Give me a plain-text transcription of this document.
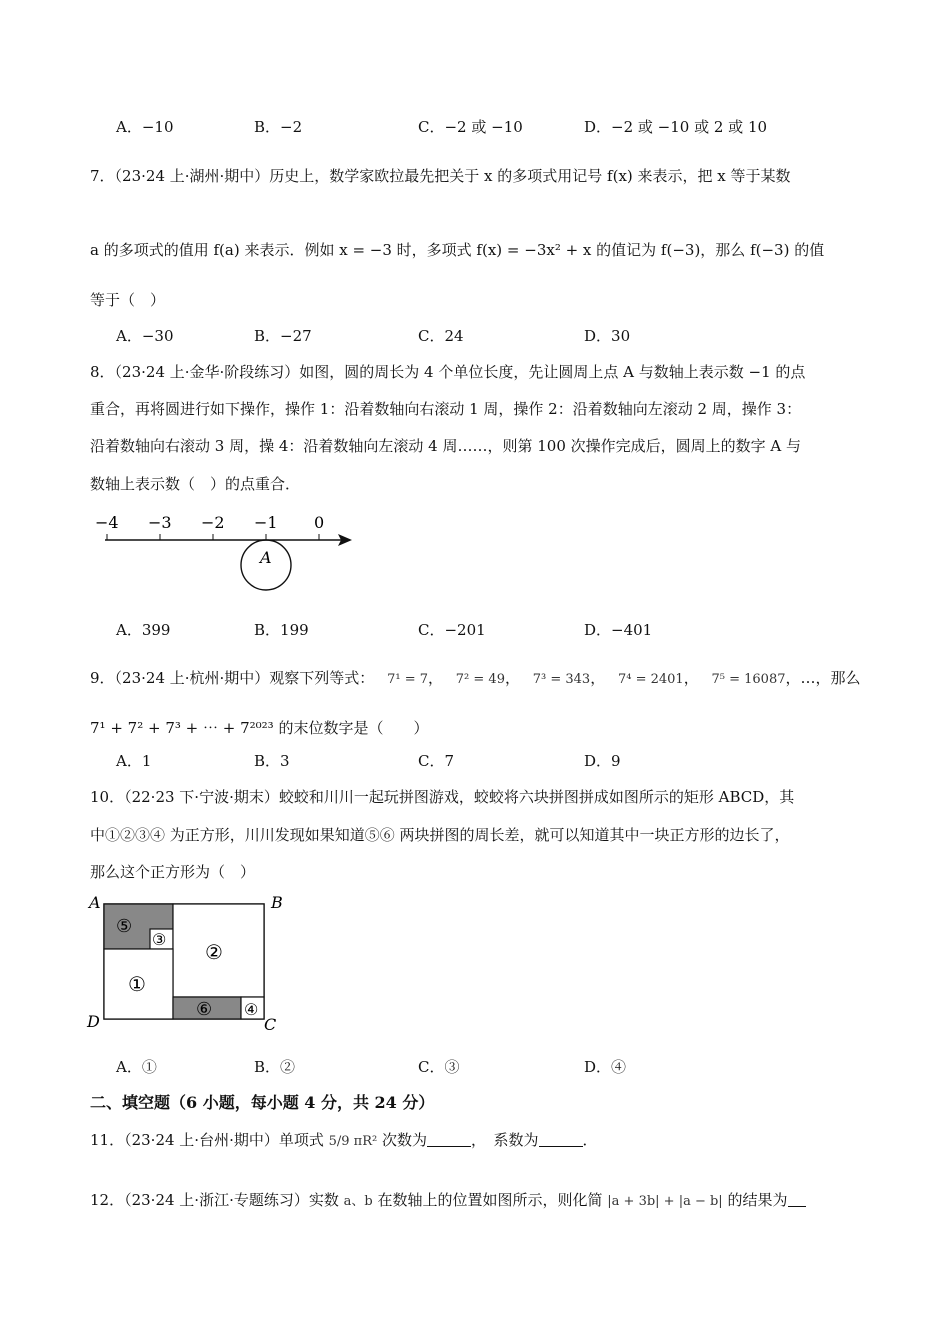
A．−10	B．−2	C．−2 或 −10	D．−2 或 −10 或 2 或 10
7．（23·24 上·湖州·期中）历史上，数学家欧拉最先把关于 x 的多项式用记号 f(x) 来表示，把 x 等于某数
a 的多项式的值用 f(a) 来表示．例如 x = −3 时，多项式 f(x) = −3x² + x 的值记为 f(−3)，那么 f(−3) 的值
等于（　）
A．−30	B．−27	C．24	D．30
8．（23·24 上·金华·阶段练习）如图，圆的周长为 4 个单位长度，先让圆周上点 A 与数轴上表示数 −1 的点
重合，再将圆进行如下操作，操作 1：沿着数轴向右滚动 1 周，操作 2：沿着数轴向左滚动 2 周，操作 3：
沿着数轴向右滚动 3 周，操 4：沿着数轴向左滚动 4 周……，则第 100 次操作完成后，圆周上的数字 A 与
数轴上表示数（　）的点重合．
−4 −3 −2 −1 0
A
A．399	B．199	C．−201	D．−401
9．（23·24 上·杭州·期中）观察下列等式： 7¹ = 7， 7² = 49， 7³ = 343， 7⁴ = 2401， 7⁵ = 16087，…，那么
7¹ + 7² + 7³ + ⋯ + 7²⁰²³ 的末位数字是（　　）
A．1	B．3	C．7	D．9
10．（22·23 下·宁波·期末）蛟蛟和川川一起玩拼图游戏，蛟蛟将六块拼图拼成如图所示的矩形 ABCD，其
中①②③④ 为正方形，川川发现如果知道⑤⑥ 两块拼图的周长差，就可以知道其中一块正方形的边长了，
那么这个正方形为（　）
A	B
C
D
⑤
③
②
①
⑥ ④
A．①	B．②	C．③	D．④
二、填空题（6 小题，每小题 4 分，共 24 分）
11．（23·24 上·台州·期中）单项式 5/9 πR² 次数为	，　系数为	．
12．（23·24 上·浙江·专题练习）实数 a、b 在数轴上的位置如图所示，则化简 |a + 3b| + |a − b| 的结果为
